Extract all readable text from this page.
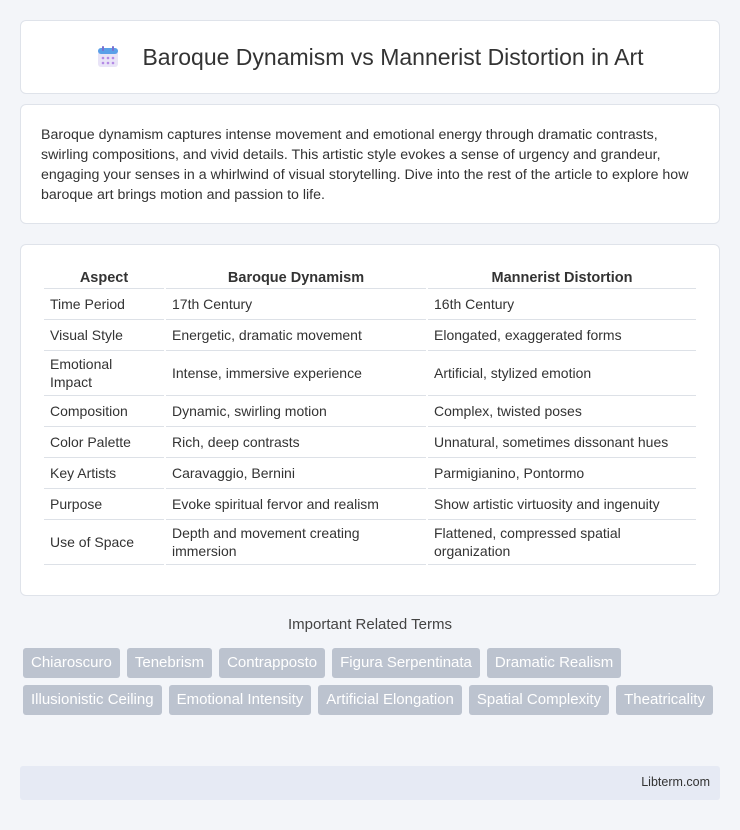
Baroque Dynamism vs Mannerist Distortion in Art

Baroque dynamism captures intense movement and emotional energy through dramatic contrasts, swirling compositions, and vivid details. This artistic style evokes a sense of urgency and grandeur, engaging your senses in a whirlwind of visual storytelling. Dive into the rest of the article to explore how baroque art brings motion and passion to life.

Aspect	Baroque Dynamism	Mannerist Distortion
Time Period	17th Century	16th Century
Visual Style	Energetic, dramatic movement	Elongated, exaggerated forms
Emotional Impact	Intense, immersive experience	Artificial, stylized emotion
Composition	Dynamic, swirling motion	Complex, twisted poses
Color Palette	Rich, deep contrasts	Unnatural, sometimes dissonant hues
Key Artists	Caravaggio, Bernini	Parmigianino, Pontormo
Purpose	Evoke spiritual fervor and realism	Show artistic virtuosity and ingenuity
Use of Space	Depth and movement creating immersion	Flattened, compressed spatial organization
Important Related Terms
Chiaroscuro	Tenebrism	Contrapposto	Figura Serpentinata	Dramatic Realism
Illusionistic Ceiling	Emotional Intensity	Artificial Elongation	Spatial Complexity	Theatricality
Libterm.com
